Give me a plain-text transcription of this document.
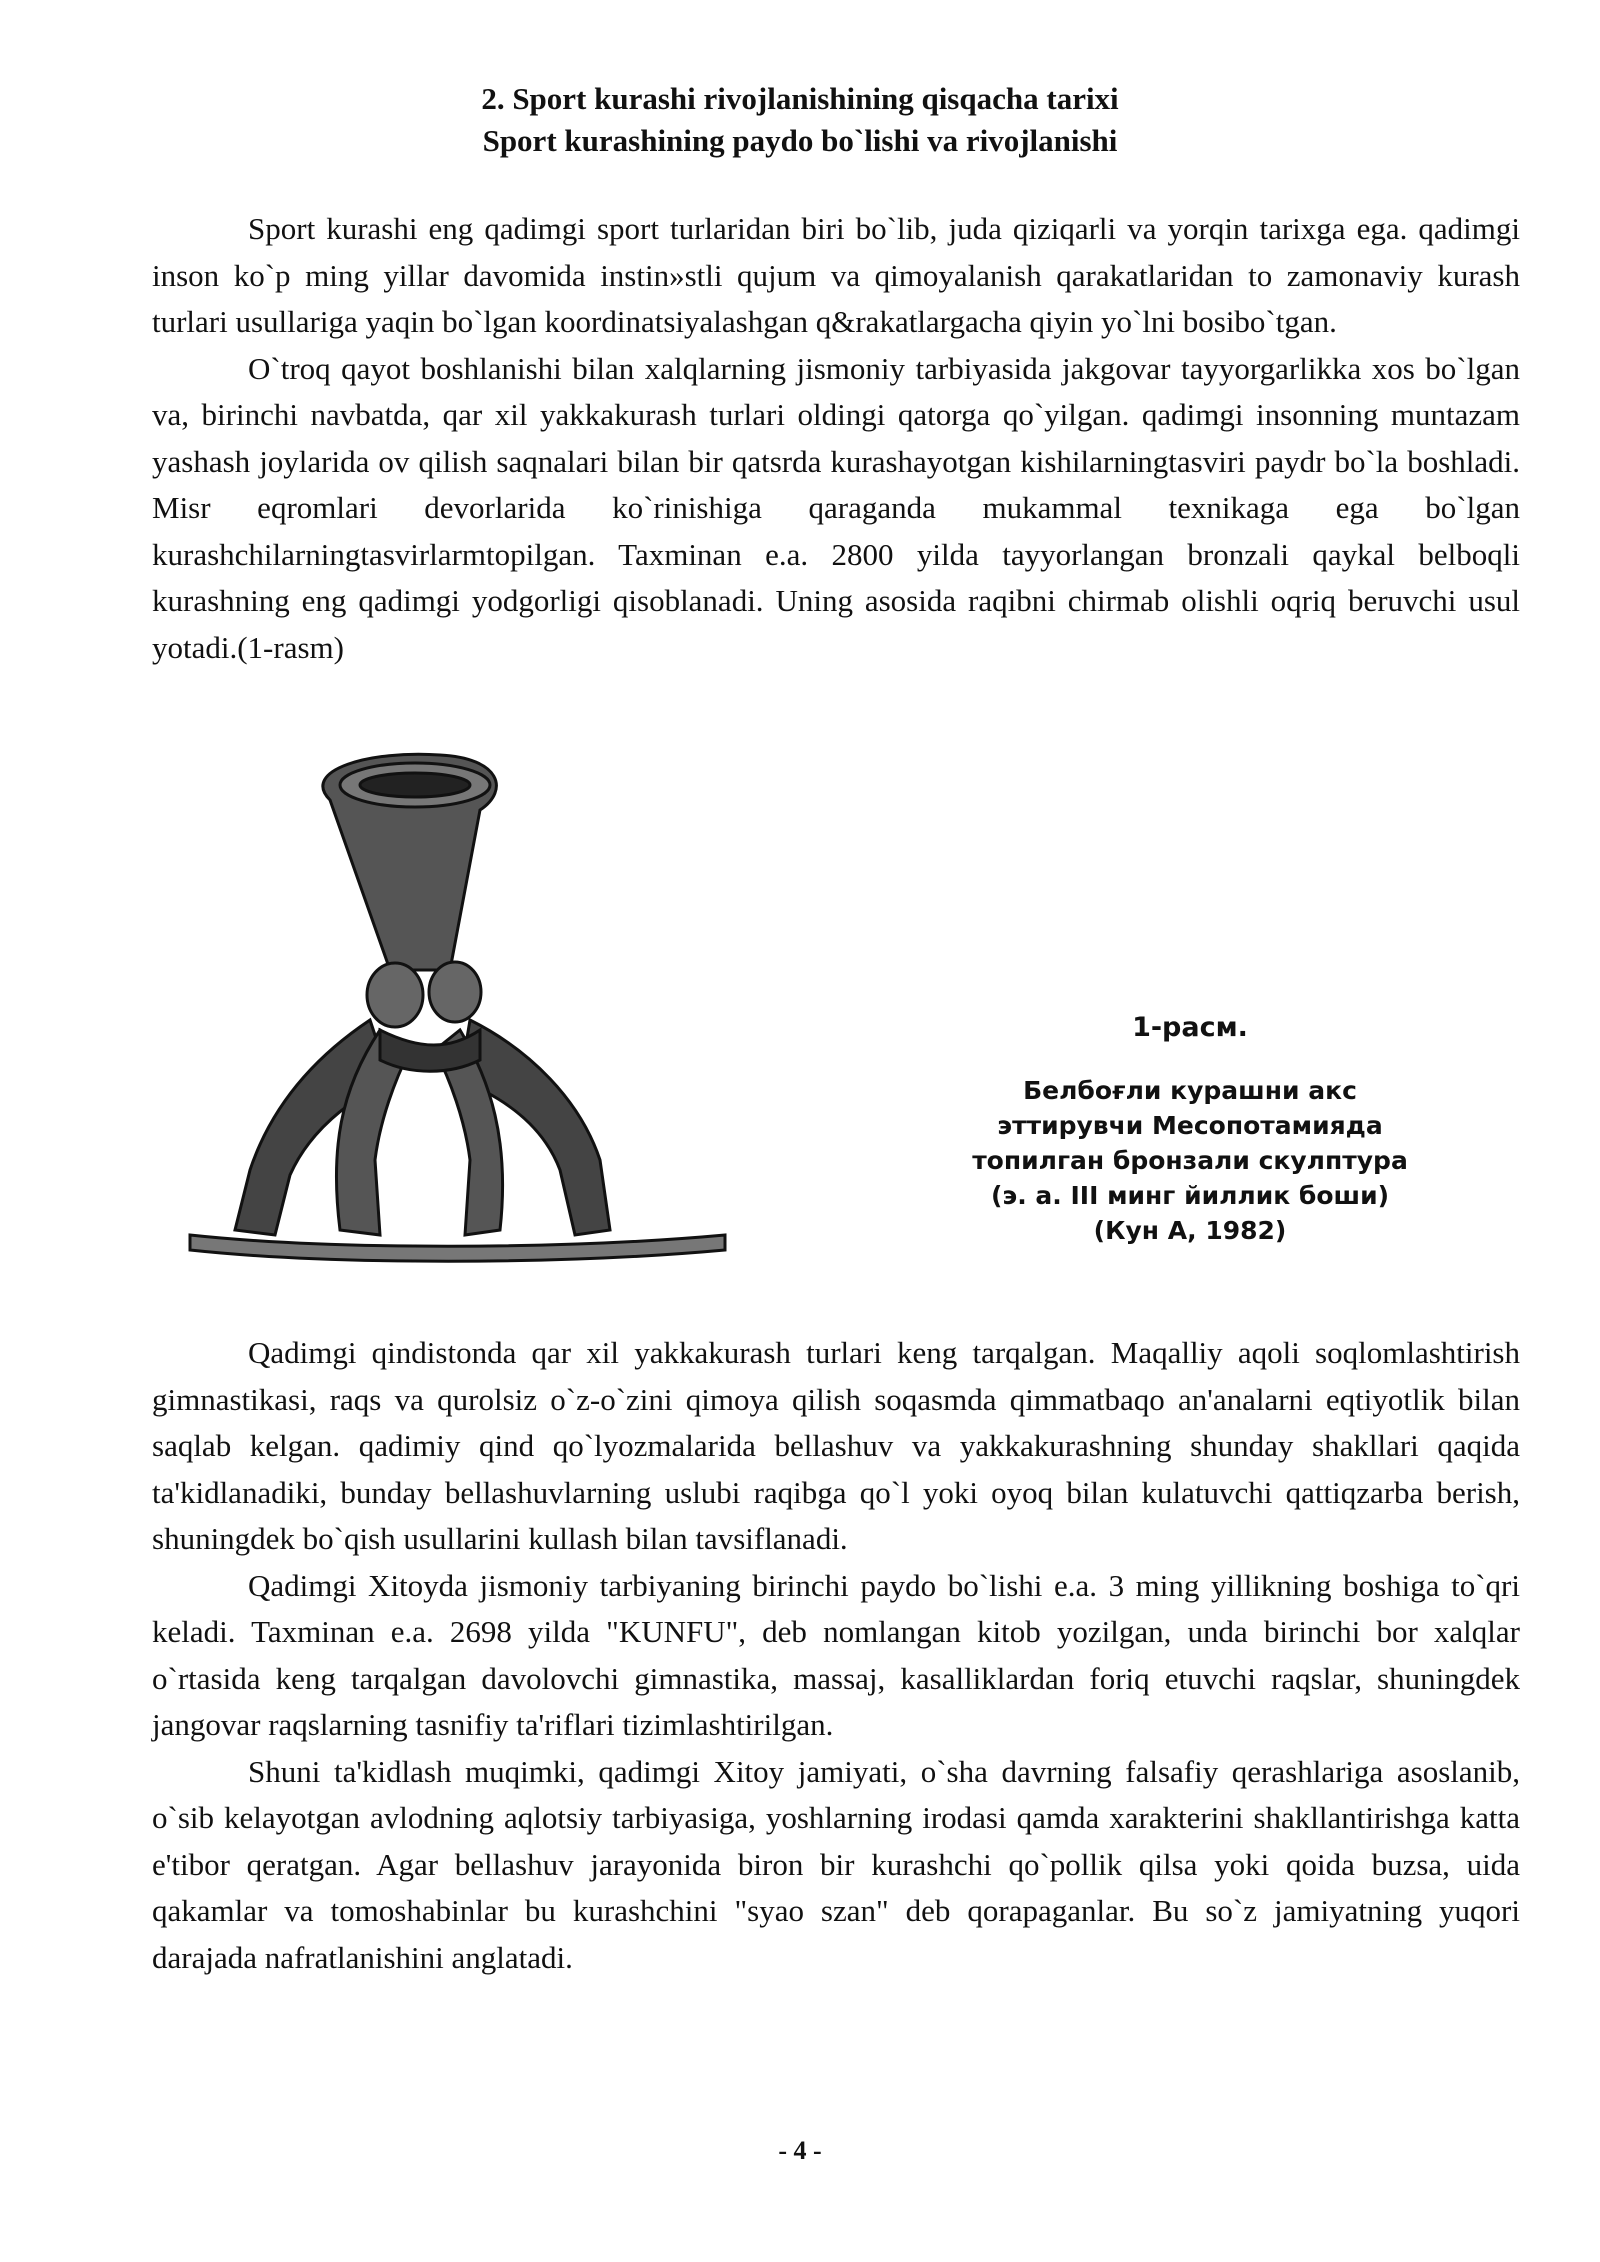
2. Sport kurashi rivojlanishining qisqacha tarixi
Sport kurashining paydo bo`lishi va rivojlanishi

Sport kurashi eng qadimgi sport turlaridan biri bo`lib, juda qiziqarli va yorqin tarixga ega. qadimgi inson ko`p ming yillar davomida instin»stli qujum va qimoyalanish qarakatlaridan to zamonaviy kurash turlari usullariga yaqin bo`lgan koordinatsiyalashgan q&rakatlargacha qiyin yo`lni bosibo`tgan.

O`troq qayot boshlanishi bilan xalqlarning jismoniy tarbiyasida jakgovar tayyorgarlikka xos bo`lgan va, birinchi navbatda, qar xil yakkakurash turlari oldingi qatorga qo`yilgan. qadimgi insonning muntazam yashash joylarida ov qilish saqnalari bilan bir qatsrda kurashayotgan kishilarningtasviri paydr bo`la boshladi. Misr eqromlari devorlarida ko`rinishiga qaraganda mukammal texnikaga ega bo`lgan kurashchilarningtasvirlarmtopilgan. Taxminan e.a. 2800 yilda tayyorlangan bronzali qaykal belboqli kurashning eng qadimgi yodgorligi qisoblanadi. Uning asosida raqibni chirmab olishli oqriq beruvchi usul yotadi.(1-rasm)

1-расм.
Белбоғли курашни акс
эттирувчи Месопотамияда
топилган бронзали скулптура
(э. а. III минг йиллик боши)
(Кун А, 1982)

Qadimgi qindistonda qar xil yakkakurash turlari keng tarqalgan. Maqalliy aqoli soqlomlashtirish gimnastikasi, raqs va qurolsiz o`z-o`zini qimoya qilish soqasmda qimmatbaqo an'analarni eqtiyotlik bilan saqlab kelgan. qadimiy qind qo`lyozmalarida bellashuv va yakkakurashning shunday shakllari qaqida ta'kidlanadiki, bunday bellashuvlarning uslubi raqibga qo`l yoki oyoq bilan kulatuvchi qattiqzarba berish, shuningdek bo`qish usullarini kullash bilan tavsiflanadi.

Qadimgi Xitoyda jismoniy tarbiyaning birinchi paydo bo`lishi e.a. 3 ming yillikning boshiga to`qri keladi. Taxminan e.a. 2698 yilda "KUNFU", deb nomlangan kitob yozilgan, unda birinchi bor xalqlar o`rtasida keng tarqalgan davolovchi gimnastika, massaj, kasalliklardan foriq etuvchi raqslar, shuningdek jangovar raqslarning tasnifiy ta'riflari tizimlashtirilgan.

Shuni ta'kidlash muqimki, qadimgi Xitoy jamiyati, o`sha davrning falsafiy qerashlariga asoslanib, o`sib kelayotgan avlodning aqlotsiy tarbiyasiga, yoshlarning irodasi qamda xarakterini shakllantirishga katta e'tibor qeratgan. Agar bellashuv jarayonida biron bir kurashchi qo`pollik qilsa yoki qoida buzsa, uida qakamlar va tomoshabinlar bu kurashchini "syao szan" deb qorapaganlar. Bu so`z jamiyatning yuqori darajada nafratlanishini anglatadi.

- 4 -
